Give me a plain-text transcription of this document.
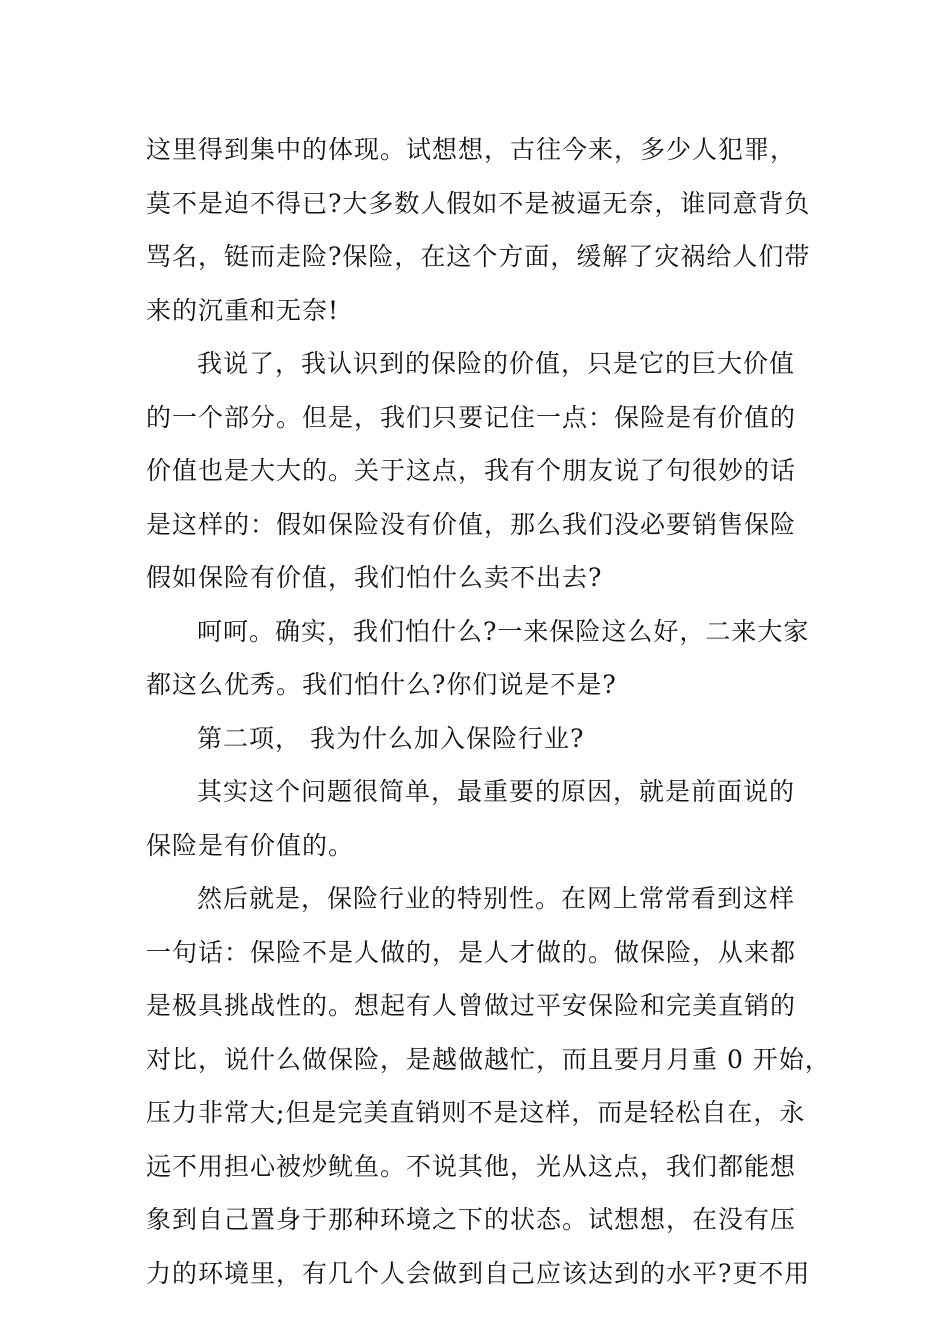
这里得到集中的体现。试想想，古往今来，多少人犯罪，
莫不是迫不得已?大多数人假如不是被逼无奈，谁同意背负
骂名，铤而走险?保险，在这个方面，缓解了灾祸给人们带
来的沉重和无奈!
我说了，我认识到的保险的价值，只是它的巨大价值
的一个部分。但是，我们只要记住一点：保险是有价值的
价值也是大大的。关于这点，我有个朋友说了句很妙的话
是这样的：假如保险没有价值，那么我们没必要销售保险
假如保险有价值，我们怕什么卖不出去?
呵呵。确实，我们怕什么?一来保险这么好，二来大家
都这么优秀。我们怕什么?你们说是不是?
第二项， 我为什么加入保险行业?
其实这个问题很简单，最重要的原因，就是前面说的
保险是有价值的。
然后就是，保险行业的特别性。在网上常常看到这样
一句话：保险不是人做的，是人才做的。做保险，从来都
是极具挑战性的。想起有人曾做过平安保险和完美直销的
对比，说什么做保险，是越做越忙，而且要月月重 0 开始，
压力非常大;但是完美直销则不是这样，而是轻松自在，永
远不用担心被炒鱿鱼。不说其他，光从这点，我们都能想
象到自己置身于那种环境之下的状态。试想想，在没有压
力的环境里，有几个人会做到自己应该达到的水平?更不用
